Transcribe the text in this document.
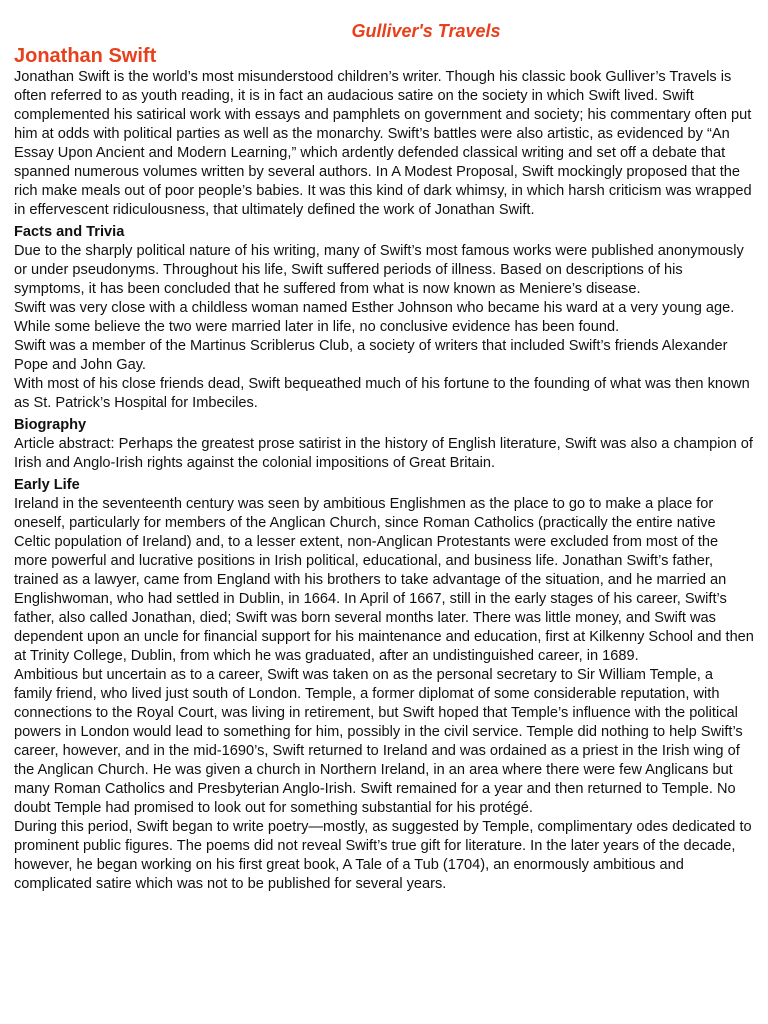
Gulliver's Travels
Jonathan Swift

Jonathan Swift is the world’s most misunderstood children’s writer. Though his classic book Gulliver’s Travels is often referred to as youth reading, it is in fact an audacious satire on the society in which Swift lived. Swift complemented his satirical work with essays and pamphlets on government and society; his commentary often put him at odds with political parties as well as the monarchy. Swift’s battles were also artistic, as evidenced by “An Essay Upon Ancient and Modern Learning,” which ardently defended classical writing and set off a debate that spanned numerous volumes written by several authors. In A Modest Proposal, Swift mockingly proposed that the rich make meals out of poor people’s babies. It was this kind of dark whimsy, in which harsh criticism was wrapped in effervescent ridiculousness, that ultimately defined the work of Jonathan Swift.

Facts and Trivia

Due to the sharply political nature of his writing, many of Swift’s most famous works were published anonymously or under pseudonyms. Throughout his life, Swift suffered periods of illness. Based on descriptions of his symptoms, it has been concluded that he suffered from what is now known as Meniere’s disease.

Swift was very close with a childless woman named Esther Johnson who became his ward at a very young age. While some believe the two were married later in life, no conclusive evidence has been found.

Swift was a member of the Martinus Scriblerus Club, a society of writers that included Swift’s friends Alexander Pope and John Gay.

With most of his close friends dead, Swift bequeathed much of his fortune to the founding of what was then known as St. Patrick’s Hospital for Imbeciles.

Biography

Article abstract: Perhaps the greatest prose satirist in the history of English literature, Swift was also a champion of Irish and Anglo-Irish rights against the colonial impositions of Great Britain.

Early Life

Ireland in the seventeenth century was seen by ambitious Englishmen as the place to go to make a place for oneself, particularly for members of the Anglican Church, since Roman Catholics (practically the entire native Celtic population of Ireland) and, to a lesser extent, non-Anglican Protestants were excluded from most of the more powerful and lucrative positions in Irish political, educational, and business life. Jonathan Swift’s father, trained as a lawyer, came from England with his brothers to take advantage of the situation, and he married an Englishwoman, who had settled in Dublin, in 1664. In April of 1667, still in the early stages of his career, Swift’s father, also called Jonathan, died; Swift was born several months later. There was little money, and Swift was dependent upon an uncle for financial support for his maintenance and education, first at Kilkenny School and then at Trinity College, Dublin, from which he was graduated, after an undistinguished career, in 1689.

Ambitious but uncertain as to a career, Swift was taken on as the personal secretary to Sir William Temple, a family friend, who lived just south of London. Temple, a former diplomat of some considerable reputation, with connections to the Royal Court, was living in retirement, but Swift hoped that Temple’s influence with the political powers in London would lead to something for him, possibly in the civil service. Temple did nothing to help Swift’s career, however, and in the mid-1690’s, Swift returned to Ireland and was ordained as a priest in the Irish wing of the Anglican Church. He was given a church in Northern Ireland, in an area where there were few Anglicans but many Roman Catholics and Presbyterian Anglo-Irish. Swift remained for a year and then returned to Temple. No doubt Temple had promised to look out for something substantial for his protégé.

During this period, Swift began to write poetry—mostly, as suggested by Temple, complimentary odes dedicated to prominent public figures. The poems did not reveal Swift’s true gift for literature. In the later years of the decade, however, he began working on his first great book, A Tale of a Tub (1704), an enormously ambitious and complicated satire which was not to be published for several years.
